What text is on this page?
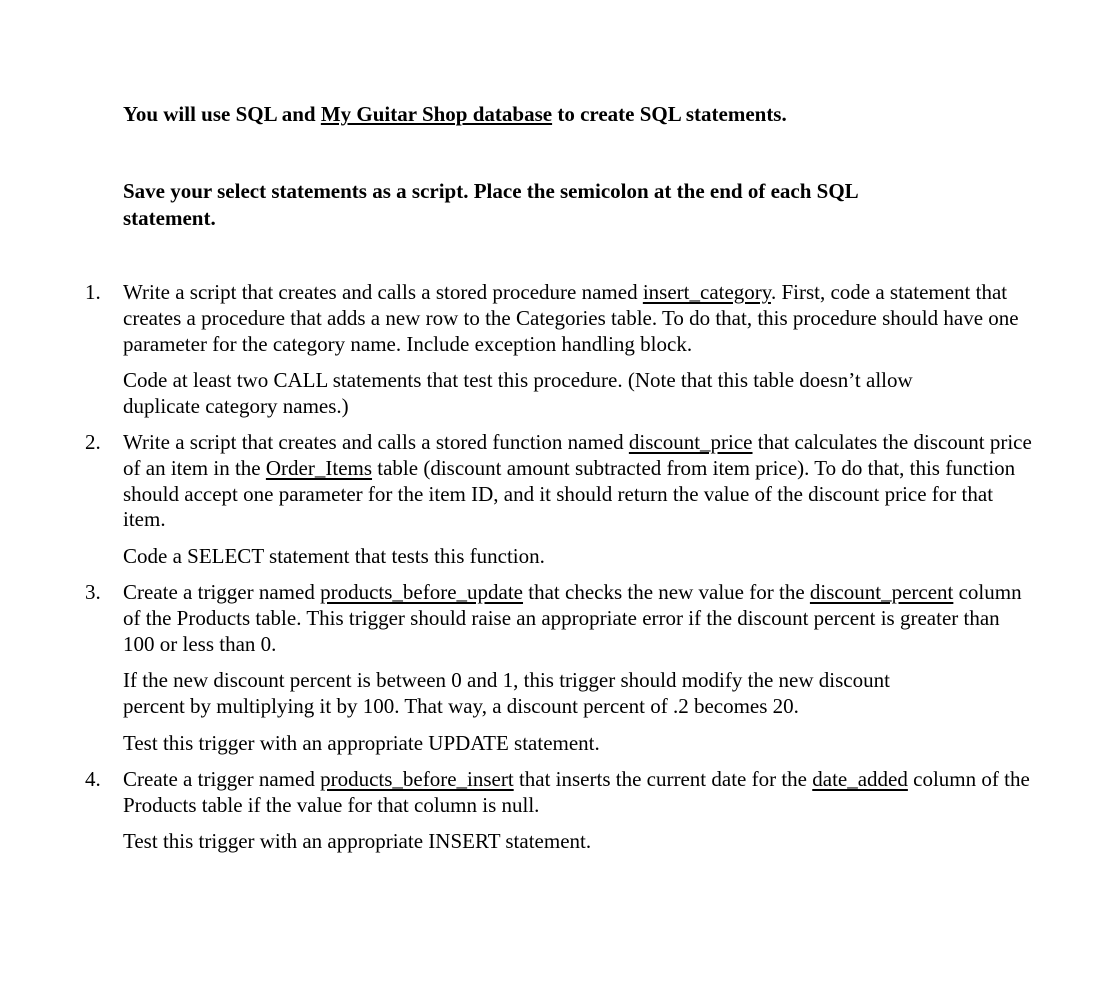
You will use SQL and My Guitar Shop database to create SQL statements.

Save your select statements as a script. Place the semicolon at the end of each SQL statement.

1. Write a script that creates and calls a stored procedure named insert_category. First, code a statement that creates a procedure that adds a new row to the Categories table. To do that, this procedure should have one parameter for the category name. Include exception handling block.

Code at least two CALL statements that test this procedure. (Note that this table doesn’t allow duplicate category names.)

2. Write a script that creates and calls a stored function named discount_price that calculates the discount price of an item in the Order_Items table (discount amount subtracted from item price). To do that, this function should accept one parameter for the item ID, and it should return the value of the discount price for that item.

Code a SELECT statement that tests this function.

3. Create a trigger named products_before_update that checks the new value for the discount_percent column of the Products table. This trigger should raise an appropriate error if the discount percent is greater than 100 or less than 0.

If the new discount percent is between 0 and 1, this trigger should modify the new discount percent by multiplying it by 100. That way, a discount percent of .2 becomes 20.

Test this trigger with an appropriate UPDATE statement.

4. Create a trigger named products_before_insert that inserts the current date for the date_added column of the Products table if the value for that column is null.

Test this trigger with an appropriate INSERT statement.
